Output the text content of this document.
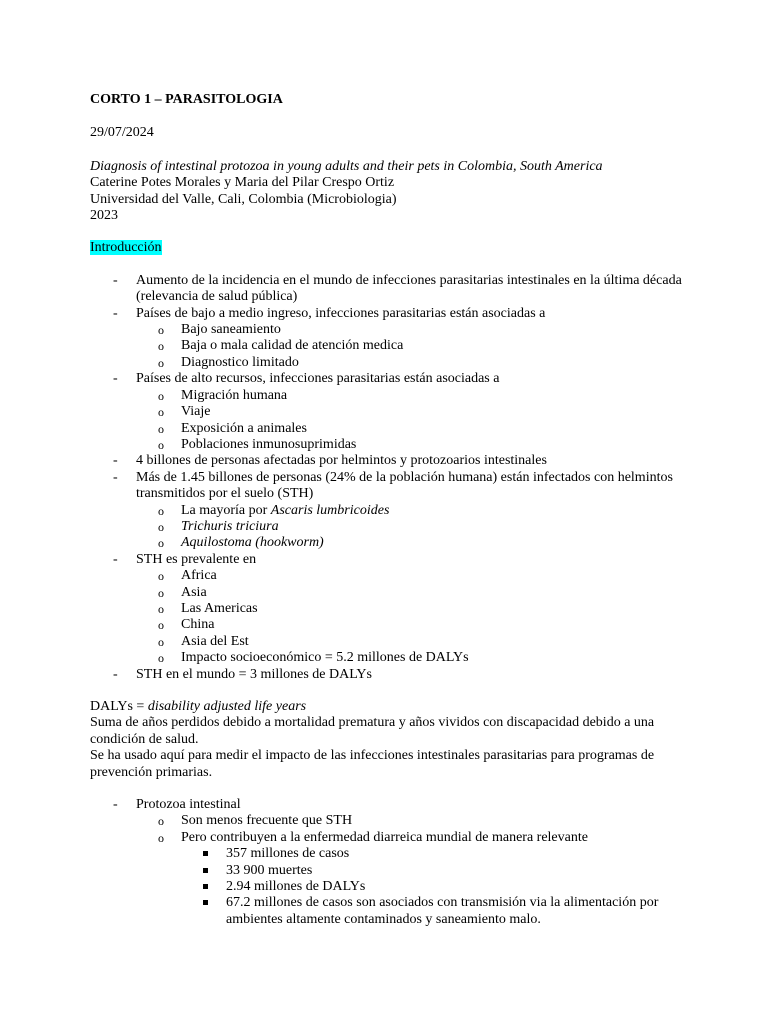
CORTO 1 – PARASITOLOGIA

29/07/2024

Diagnosis of intestinal protozoa in young adults and their pets in Colombia, South America

Caterine Potes Morales y Maria del Pilar Crespo Ortiz

Universidad del Valle, Cali, Colombia (Microbiologia)

2023

Introducción

- Aumento de la incidencia en el mundo de infecciones parasitarias intestinales en la última década (relevancia de salud pública)
- Países de bajo a medio ingreso, infecciones parasitarias están asociadas a
o Bajo saneamiento
o Baja o mala calidad de atención medica
o Diagnostico limitado
- Países de alto recursos, infecciones parasitarias están asociadas a
o Migración humana
o Viaje
o Exposición a animales
o Poblaciones inmunosuprimidas
- 4 billones de personas afectadas por helmintos y protozoarios intestinales
- Más de 1.45 billones de personas (24% de la población humana) están infectados con helmintos transmitidos por el suelo (STH)
o La mayoría por Ascaris lumbricoides
o Trichuris triciura
o Aquilostoma (hookworm)
- STH es prevalente en
o Africa
o Asia
o Las Americas
o China
o Asia del Est
o Impacto socioeconómico = 5.2 millones de DALYs
- STH en el mundo = 3 millones de DALYs

DALYs = disability adjusted life years

Suma de años perdidos debido a mortalidad prematura y años vividos con discapacidad debido a una condición de salud.

Se ha usado aquí para medir el impacto de las infecciones intestinales parasitarias para programas de prevención primarias.

- Protozoa intestinal
o Son menos frecuente que STH
o Pero contribuyen a la enfermedad diarreica mundial de manera relevante
357 millones de casos
33 900 muertes
2.94 millones de DALYs
67.2 millones de casos son asociados con transmisión via la alimentación por ambientes altamente contaminados y saneamiento malo.
